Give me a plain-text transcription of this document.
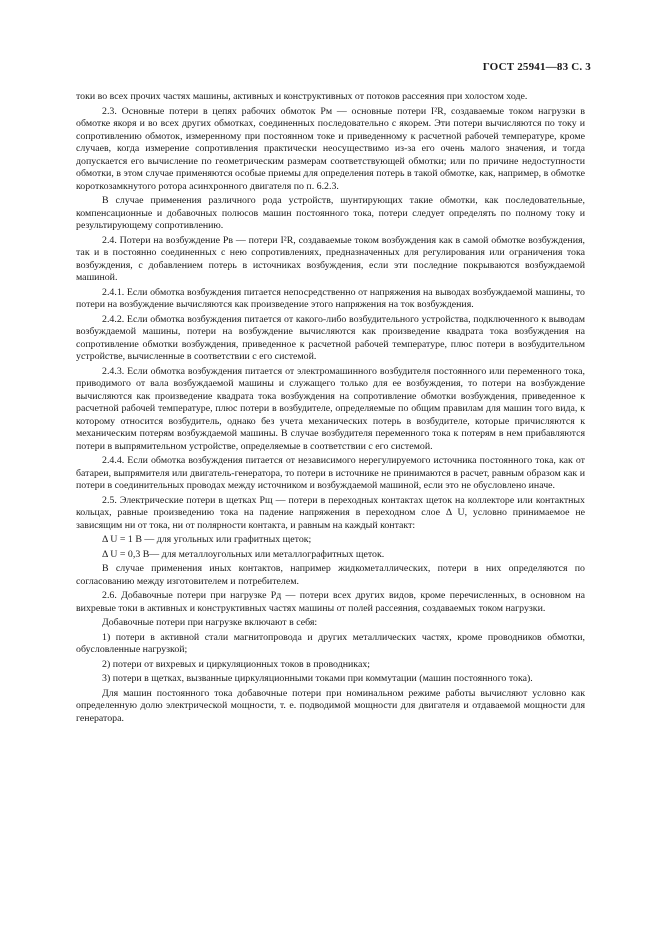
ГОСТ 25941—83 С. 3

токи во всех прочих частях машины, активных и конструктивных от потоков рассеяния при холостом ходе.

2.3. Основные потери в цепях рабочих обмоток Pм — основные потери I²R, создаваемые током нагрузки в обмотке якоря и во всех других обмотках, соединенных последовательно с якорем. Эти потери вычисляются по току и сопротивлению обмоток, измеренному при постоянном токе и приведенному к расчетной рабочей температуре, кроме случаев, когда измерение сопротивления практически неосуществимо из-за его очень малого значения, и тогда допускается его вычисление по геометрическим размерам соответствующей обмотки; или по причине недоступности обмотки, в этом случае применяются особые приемы для определения потерь в такой обмотке, как, например, в обмотке короткозамкнутого ротора асинхронного двигателя по п. 6.2.3.

В случае применения различного рода устройств, шунтирующих такие обмотки, как последовательные, компенсационные и добавочных полюсов машин постоянного тока, потери следует определять по полному току и результирующему сопротивлению.

2.4. Потери на возбуждение Pв — потери I²R, создаваемые током возбуждения как в самой обмотке возбуждения, так и в постоянно соединенных с нею сопротивлениях, предназначенных для регулирования или ограничения тока возбуждения, с добавлением потерь в источниках возбуждения, если эти последние покрываются возбуждаемой машиной.

2.4.1. Если обмотка возбуждения питается непосредственно от напряжения на выводах возбуждаемой машины, то потери на возбуждение вычисляются как произведение этого напряжения на ток возбуждения.

2.4.2. Если обмотка возбуждения питается от какого-либо возбудительного устройства, подключенного к выводам возбуждаемой машины, потери на возбуждение вычисляются как произведение квадрата тока возбуждения на сопротивление обмотки возбуждения, приведенное к расчетной рабочей температуре, плюс потери в возбудительном устройстве, вычисленные в соответствии с его системой.

2.4.3. Если обмотка возбуждения питается от электромашинного возбудителя постоянного или переменного тока, приводимого от вала возбуждаемой машины и служащего только для ее возбуждения, то потери на возбуждение вычисляются как произведение квадрата тока возбуждения на сопротивление обмотки возбуждения, приведенное к расчетной рабочей температуре, плюс потери в возбудителе, определяемые по общим правилам для машин того вида, к которому относится возбудитель, однако без учета механических потерь в возбудителе, которые причисляются к механическим потерям возбуждаемой машины. В случае возбудителя переменного тока к потерям в нем прибавляются потери в выпрямительном устройстве, определяемые в соответствии с его системой.

2.4.4. Если обмотка возбуждения питается от независимого нерегулируемого источника постоянного тока, как от батареи, выпрямителя или двигатель-генератора, то потери в источнике не принимаются в расчет, равным образом как и потери в соединительных проводах между источником и возбуждаемой машиной, если это не обусловлено иначе.

2.5. Электрические потери в щетках Pщ — потери в переходных контактах щеток на коллекторе или контактных кольцах, равные произведению тока на падение напряжения в переходном слое Δ U, условно принимаемое не зависящим ни от тока, ни от полярности контакта, и равным на каждый контакт:

Δ U = 1 В — для угольных или графитных щеток;

Δ U = 0,3 В— для металлоугольных или металлографитных щеток.

В случае применения иных контактов, например жидкометаллических, потери в них определяются по согласованию между изготовителем и потребителем.

2.6. Добавочные потери при нагрузке Pд — потери всех других видов, кроме перечисленных, в основном на вихревые токи в активных и конструктивных частях машины от полей рассеяния, создаваемых током нагрузки.

Добавочные потери при нагрузке включают в себя:

1) потери в активной стали магнитопровода и других металлических частях, кроме проводников обмотки, обусловленные нагрузкой;

2) потери от вихревых и циркуляционных токов в проводниках;

3) потери в щетках, вызванные циркуляционными токами при коммутации (машин постоянного тока).

Для машин постоянного тока добавочные потери при номинальном режиме работы вычисляют условно как определенную долю электрической мощности, т. е. подводимой мощности для двигателя и отдаваемой мощности для генератора.
